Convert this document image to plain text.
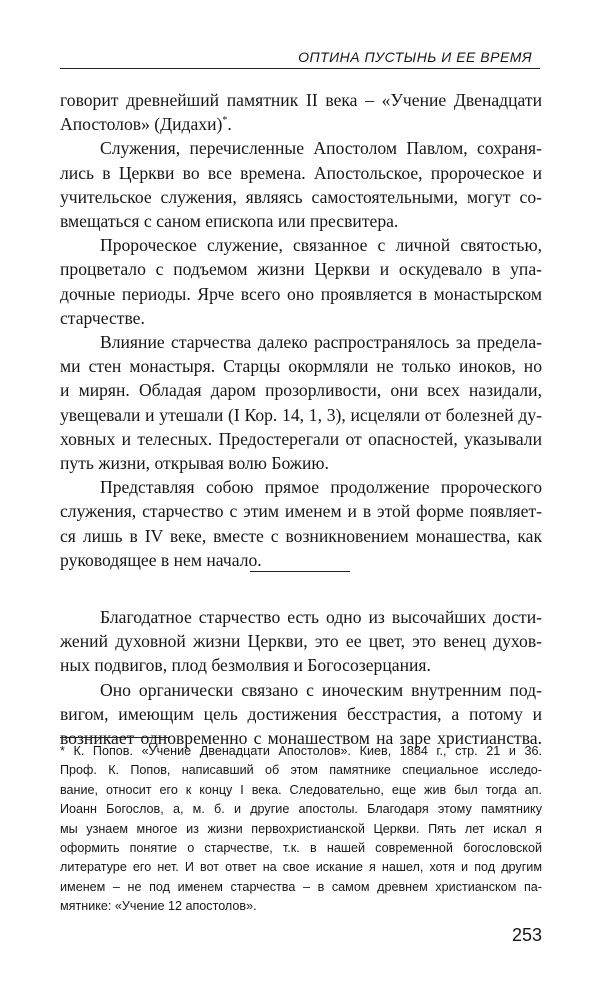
ОПТИНА ПУСТЫНЬ И ЕЕ ВРЕМЯ
говорит древнейший памятник II века – «Учение Двенадцати
Апостолов» (Дидахи)*.
Служения, перечисленные Апостолом Павлом, сохраня-
лись в Церкви во все времена. Апостольское, пророческое и
учительское служения, являясь самостоятельными, могут со-
вмещаться с саном епископа или пресвитера.
Пророческое служение, связанное с личной святостью,
процветало с подъемом жизни Церкви и оскудевало в упа-
дочные периоды. Ярче всего оно проявляется в монастырском
старчестве.
Влияние старчества далеко распространялось за предела-
ми стен монастыря. Старцы окормляли не только иноков, но
и мирян. Обладая даром прозорливости, они всех назидали,
увещевали и утешали (I Кор. 14, 1, 3), исцеляли от болезней ду-
ховных и телесных. Предостерегали от опасностей, указывали
путь жизни, открывая волю Божию.
Представляя собою прямое продолжение пророческого
служения, старчество с этим именем и в этой форме появляет-
ся лишь в IV веке, вместе с возникновением монашества, как
руководящее в нем начало.
Благодатное старчество есть одно из высочайших дости-
жений духовной жизни Церкви, это ее цвет, это венец духов-
ных подвигов, плод безмолвия и Богосозерцания.
Оно органически связано с иноческим внутренним под-
вигом, имеющим цель достижения бесстрастия, а потому и
возникает одновременно с монашеством на заре христианства.
* К. Попов. «Учение Двенадцати Апостолов». Киев, 1884 г., стр. 21 и 36.
Проф. К. Попов, написавший об этом памятнике специальное исследо-
вание, относит его к концу I века. Следовательно, еще жив был тогда ап.
Иоанн Богослов, а, м. б. и другие апостолы. Благодаря этому памятнику
мы узнаем многое из жизни первохристианской Церкви. Пять лет искал я
оформить понятие о старчестве, т.к. в нашей современной богословской
литературе его нет. И вот ответ на свое искание я нашел, хотя и под другим
именем – не под именем старчества – в самом древнем христианском па-
мятнике: «Учение 12 апостолов».
253
